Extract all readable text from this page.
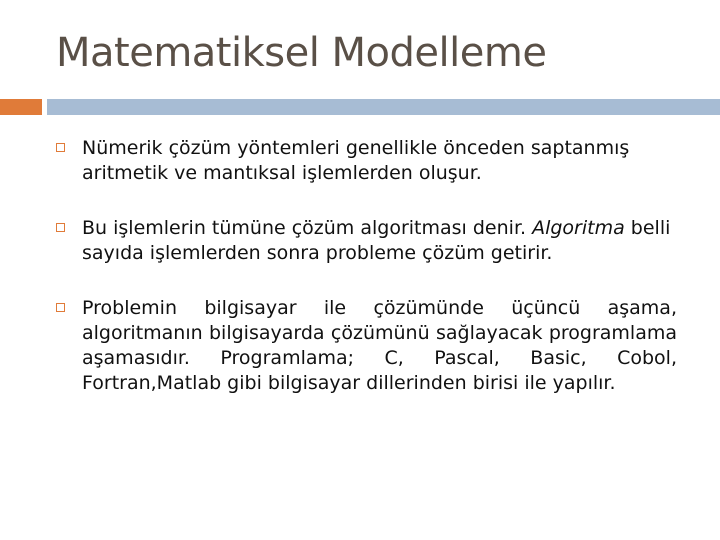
Matematiksel Modelleme
Nümerik çözüm yöntemleri genellikle önceden saptanmış aritmetik ve mantıksal işlemlerden oluşur.
Bu işlemlerin tümüne çözüm algoritması denir. Algoritma belli sayıda işlemlerden sonra probleme çözüm getirir.
Problemin bilgisayar ile çözümünde üçüncü aşama, algoritmanın bilgisayarda çözümünü sağlayacak programlama aşamasıdır. Programlama; C, Pascal, Basic, Cobol, Fortran,Matlab gibi bilgisayar dillerinden birisi ile yapılır.
